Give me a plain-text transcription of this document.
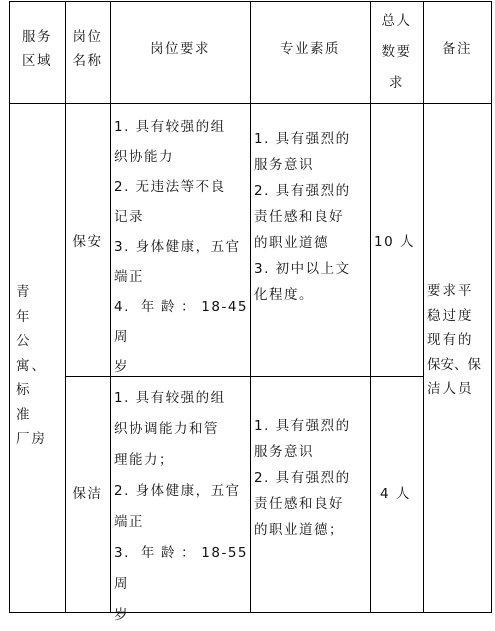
服务
区域
岗位
名称
岗位要求	专业素质
总人
数要
求
备注
青　年
公寓、
标　准
厂房
保安
1. 具有较强的组
织协能力
2. 无违法等不良
记录
3. 身体健康，五官
端正
4. 年龄：18-45 周
岁
1. 具有强烈的
服务意识
2. 具有强烈的
责任感和良好
的职业道德
3. 初中以上文
化程度。
10 人
保洁
1. 具有较强的组
织协调能力和管
理能力；
2. 身体健康，五官
端正
3. 年龄：18-55 周
岁
1. 具有强烈的
服务意识
2. 具有强烈的
责任感和良好
的职业道德；
4 人
要求平
稳过度
现有的
保安、保
洁人员
